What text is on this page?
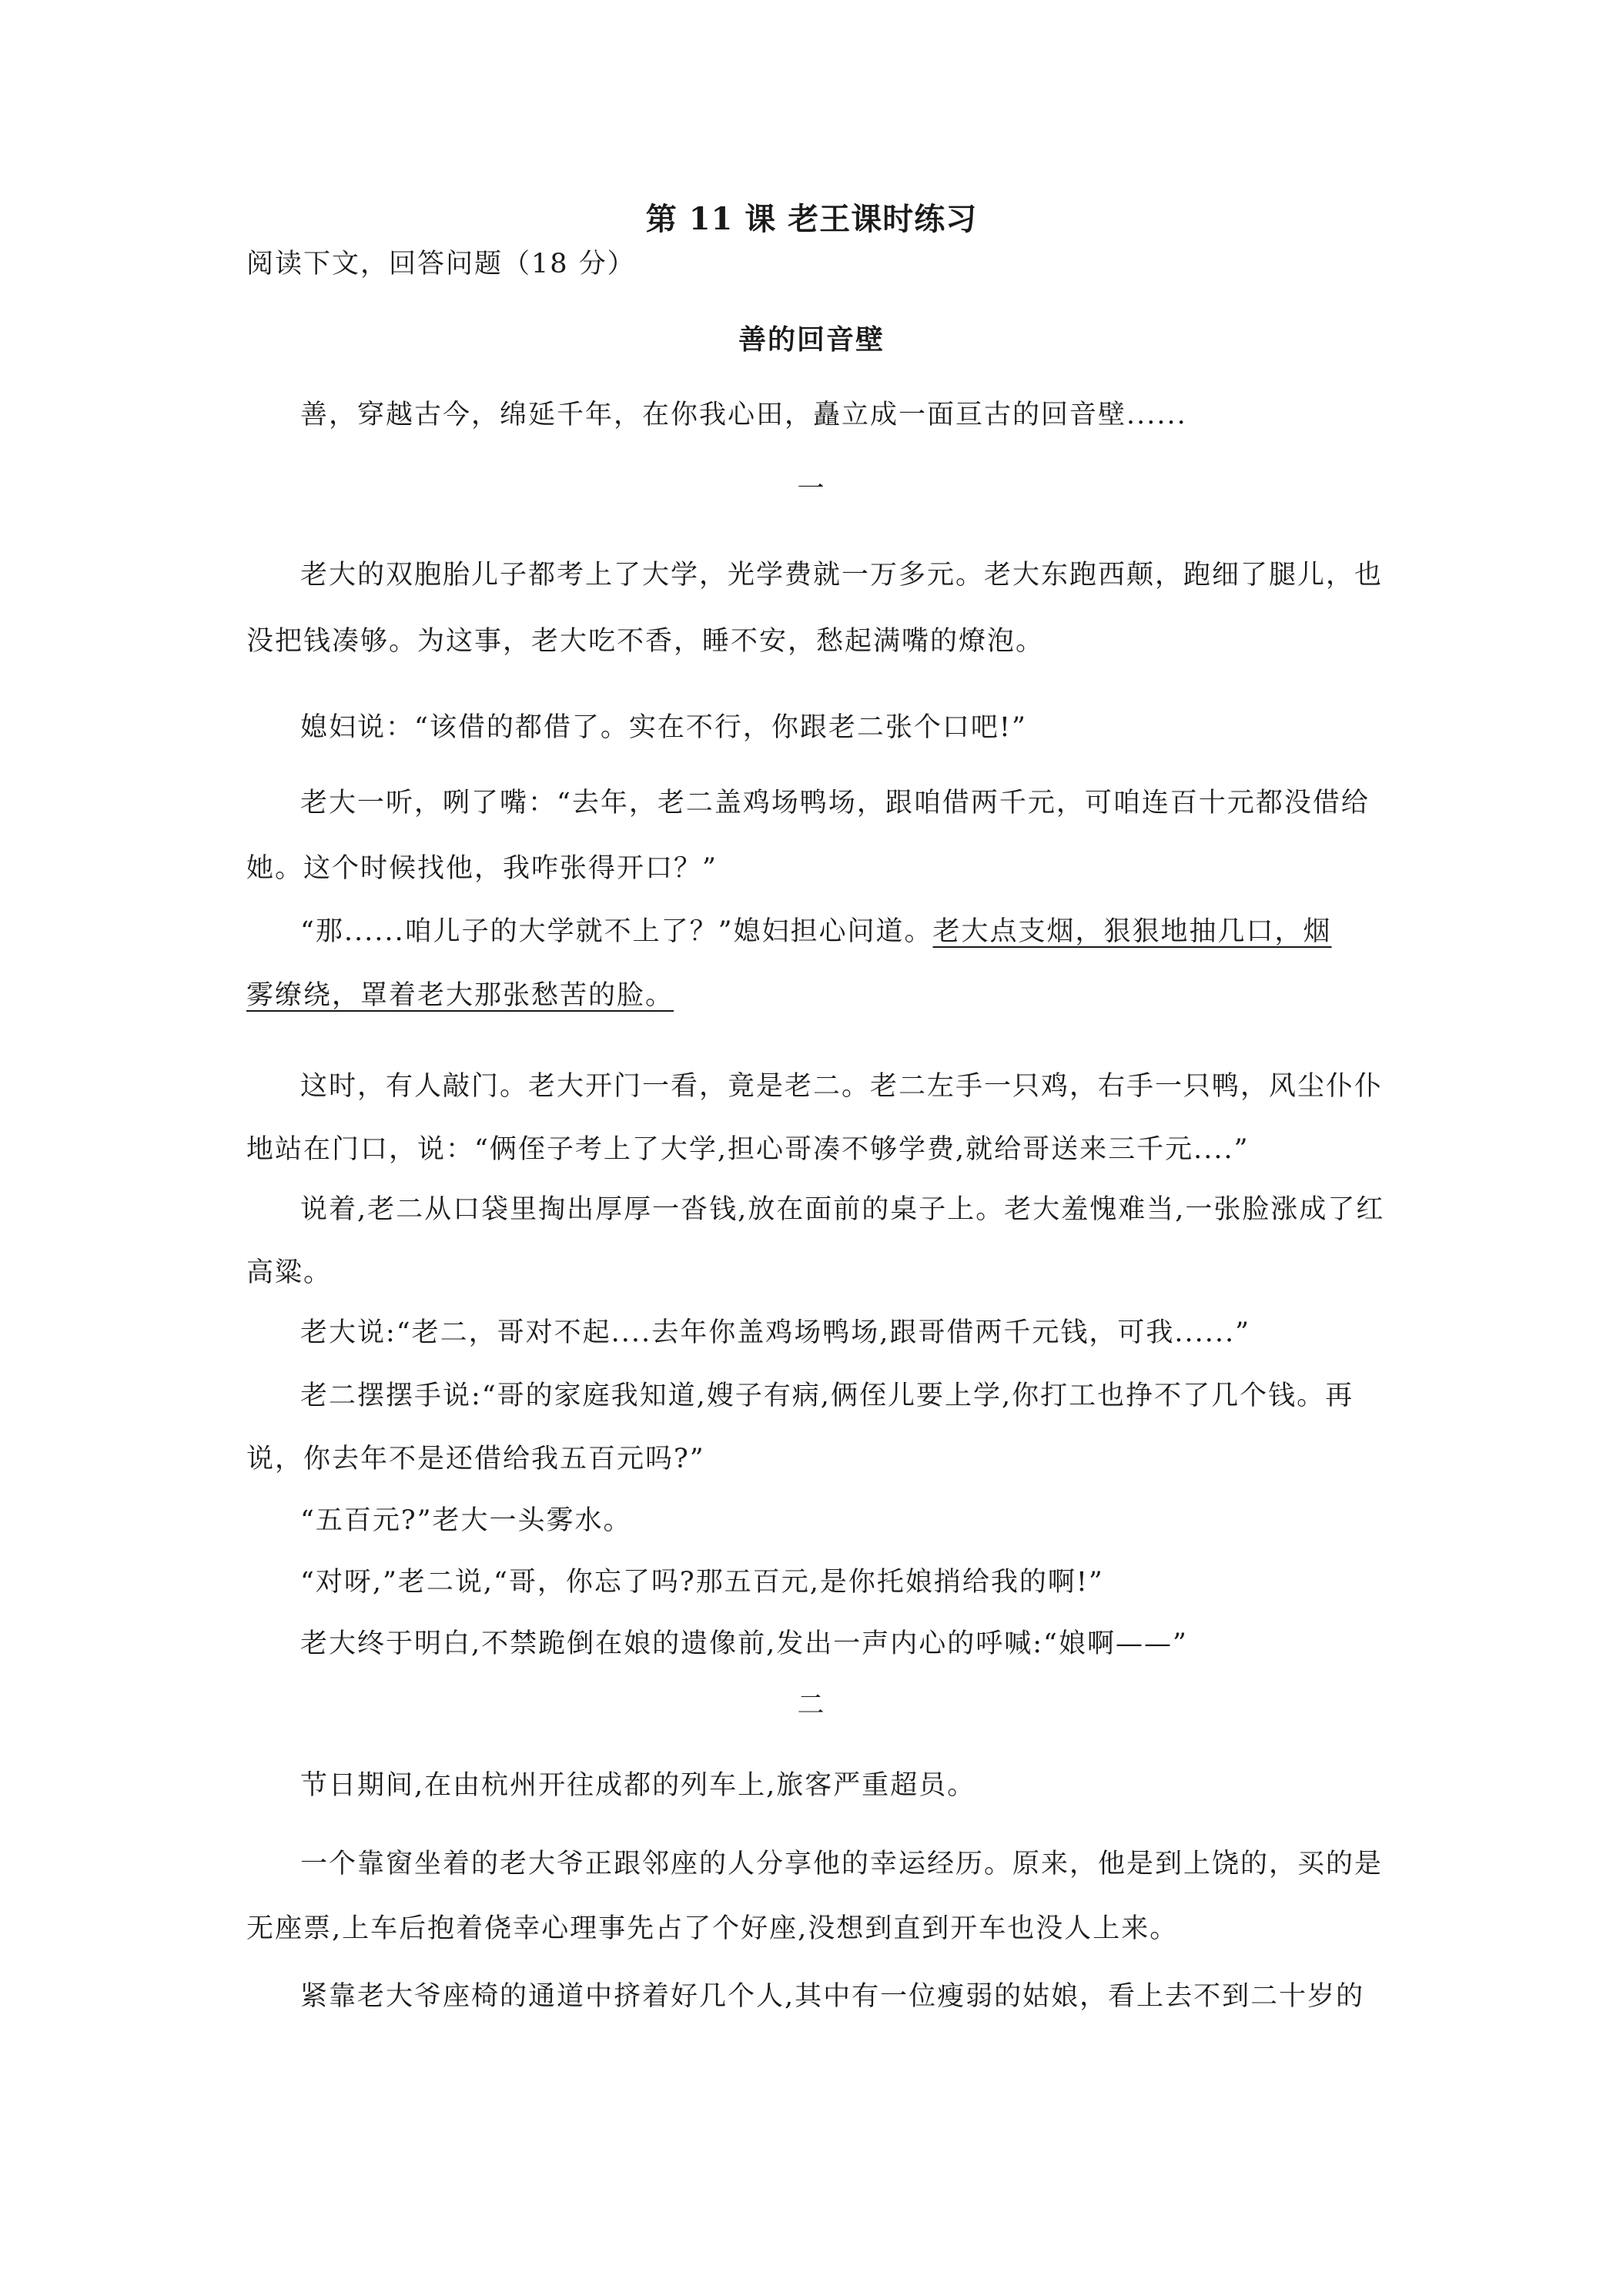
第 11 课 老王课时练习
阅读下文，回答问题（18 分）
善的回音壁
善，穿越古今，绵延千年，在你我心田，矗立成一面亘古的回音壁......
一
老大的双胞胎儿子都考上了大学，光学费就一万多元。老大东跑西颠，跑细了腿儿，也
没把钱凑够。为这事，老大吃不香，睡不安，愁起满嘴的燎泡。
媳妇说：“该借的都借了。实在不行，你跟老二张个口吧!”
老大一听，咧了嘴：“去年，老二盖鸡场鸭场，跟咱借两千元，可咱连百十元都没借给
她。这个时候找他，我咋张得开口？”
“那......咱儿子的大学就不上了？”媳妇担心问道。老大点支烟，狠狠地抽几口，烟
雾缭绕，罩着老大那张愁苦的脸。
这时，有人敲门。老大开门一看，竟是老二。老二左手一只鸡，右手一只鸭，风尘仆仆
地站在门口，说：“俩侄子考上了大学,担心哥凑不够学费,就给哥送来三千元....”
说着,老二从口袋里掏出厚厚一沓钱,放在面前的桌子上。老大羞愧难当,一张脸涨成了红
高粱。
老大说:“老二，哥对不起....去年你盖鸡场鸭场,跟哥借两千元钱，可我......”
老二摆摆手说:“哥的家庭我知道,嫂子有病,俩侄儿要上学,你打工也挣不了几个钱。再
说，你去年不是还借给我五百元吗?”
“五百元?”老大一头雾水。
“对呀,”老二说,“哥，你忘了吗?那五百元,是你托娘捎给我的啊!”
老大终于明白,不禁跪倒在娘的遗像前,发出一声内心的呼喊:“娘啊——”
二
节日期间,在由杭州开往成都的列车上,旅客严重超员。
一个靠窗坐着的老大爷正跟邻座的人分享他的幸运经历。原来，他是到上饶的，买的是
无座票,上车后抱着侥幸心理事先占了个好座,没想到直到开车也没人上来。
紧靠老大爷座椅的通道中挤着好几个人,其中有一位瘦弱的姑娘，看上去不到二十岁的
